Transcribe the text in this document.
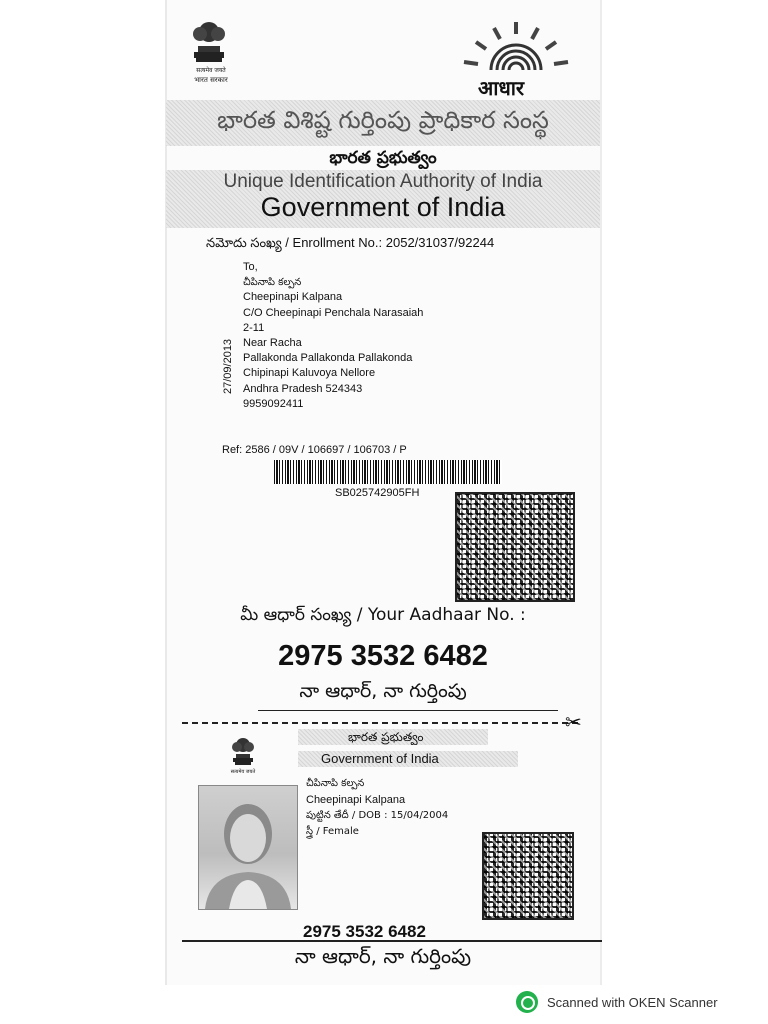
सत्यमेव जयते
भारत सरकार	आधार
భారత విశిష్ట గుర్తింపు ప్రాధికార సంస్థ
భారత ప్రభుత్వం
Unique Identification Authority of India
Government of India
నమోదు సంఖ్య / Enrollment No.: 2052/31037/92244
27/09/2013
To,
చీపినాపి కల్పన
Cheepinapi Kalpana
C/O Cheepinapi Penchala Narasaiah
2-11
Near Racha
Pallakonda Pallakonda Pallakonda
Chipinapi Kaluvoya Nellore
Andhra Pradesh 524343
9959092411
Ref: 2586 / 09V / 106697 / 106703 / P
SB025742905FH
మీ ఆధార్ సంఖ్య / Your Aadhaar No. :
2975 3532 6482
నా ఆధార్, నా గుర్తింపు
✂
सत्यमेव जयते
భారత ప్రభుత్వం
Government of India
చీపినాపి కల్పన
Cheepinapi Kalpana
పుట్టిన తేదీ / DOB : 15/04/2004
స్త్రీ / Female
2975 3532 6482
నా ఆధార్, నా గుర్తింపు
Scanned with OKEN Scanner
